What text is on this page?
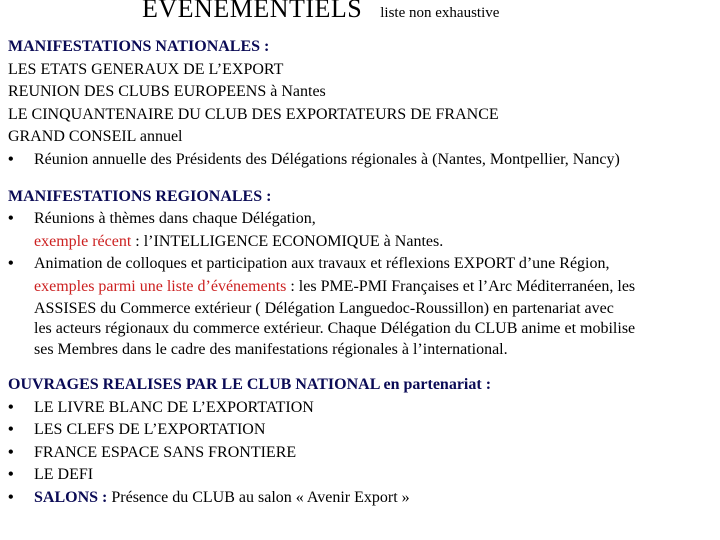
EVENEMENTIELS liste non exhaustive
MANIFESTATIONS NATIONALES :
LES ETATS GENERAUX DE L’EXPORT
REUNION DES CLUBS EUROPEENS à Nantes
LE CINQUANTENAIRE DU CLUB DES EXPORTATEURS DE FRANCE
GRAND CONSEIL annuel
• Réunion annuelle des Présidents des Délégations régionales à (Nantes, Montpellier, Nancy)
MANIFESTATIONS REGIONALES :
• Réunions à thèmes dans chaque Délégation,
exemple récent : l’INTELLIGENCE ECONOMIQUE à Nantes.
• Animation de colloques et participation aux travaux et réflexions EXPORT d’une Région,
exemples parmi une liste d’événements : les PME-PMI Françaises et l’Arc Méditerranéen, les
ASSISES du Commerce extérieur ( Délégation Languedoc-Roussillon) en partenariat avec
les acteurs régionaux du commerce extérieur. Chaque Délégation du CLUB anime et mobilise
ses Membres dans le cadre des manifestations régionales à l’international.
OUVRAGES REALISES PAR LE CLUB NATIONAL en partenariat :
• LE LIVRE BLANC DE L’EXPORTATION
• LES CLEFS DE L’EXPORTATION
• FRANCE ESPACE SANS FRONTIERE
• LE DEFI
• SALONS : Présence du CLUB au salon « Avenir Export »
